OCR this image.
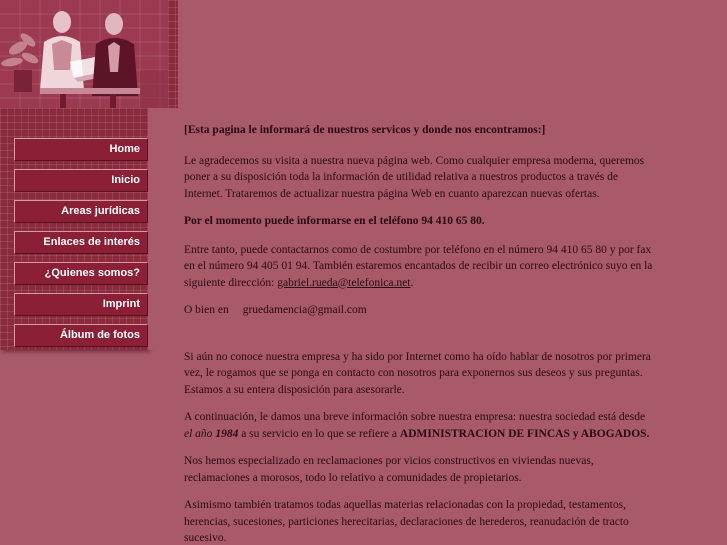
Home
Inicio
Areas jurídicas
Enlaces de interés
¿Quienes somos?
Imprint
Álbum de fotos

[Esta pagina le informará de nuestros servicos y donde nos encontramos:]

Le agradecemos su visita a nuestra nueva página web. Como cualquier empresa moderna, queremos poner a su disposición toda la información de utilidad relativa a nuestros productos a través de Internet. Trataremos de actualizar nuestra página Web en cuanto aparezcan nuevas ofertas.

Por el momento puede informarse en el teléfono 94 410 65 80.

Entre tanto, puede contactarnos como de costumbre por teléfono en el número 94 410 65 80 y por fax en el número 94 405 01 94. También estaremos encantados de recibir un correo electrónico suyo en la siguiente dirección: gabriel.rueda@telefonica.net.

O bien en gruedamencia@gmail.com

Si aún no conoce nuestra empresa y ha sido por Internet como ha oído hablar de nosotros por primera vez, le rogamos que se ponga en contacto con nosotros para exponernos sus deseos y sus preguntas. Estamos a su entera disposición para asesorarle.

A continuación, le damos una breve información sobre nuestra empresa: nuestra sociedad está desde el año 1984 a su servicio en lo que se refiere a ADMINISTRACION DE FINCAS y ABOGADOS.

Nos hemos especializado en reclamaciones por vicios constructivos en viviendas nuevas, reclamaciones a morosos, todo lo relativo a comunidades de propietarios.

Asimismo también tratamos todas aquellas materias relacionadas con la propiedad, testamentos, herencias, sucesiones, particiones herecitarias, declaraciones de herederos, reanudación de tracto sucesivo.
